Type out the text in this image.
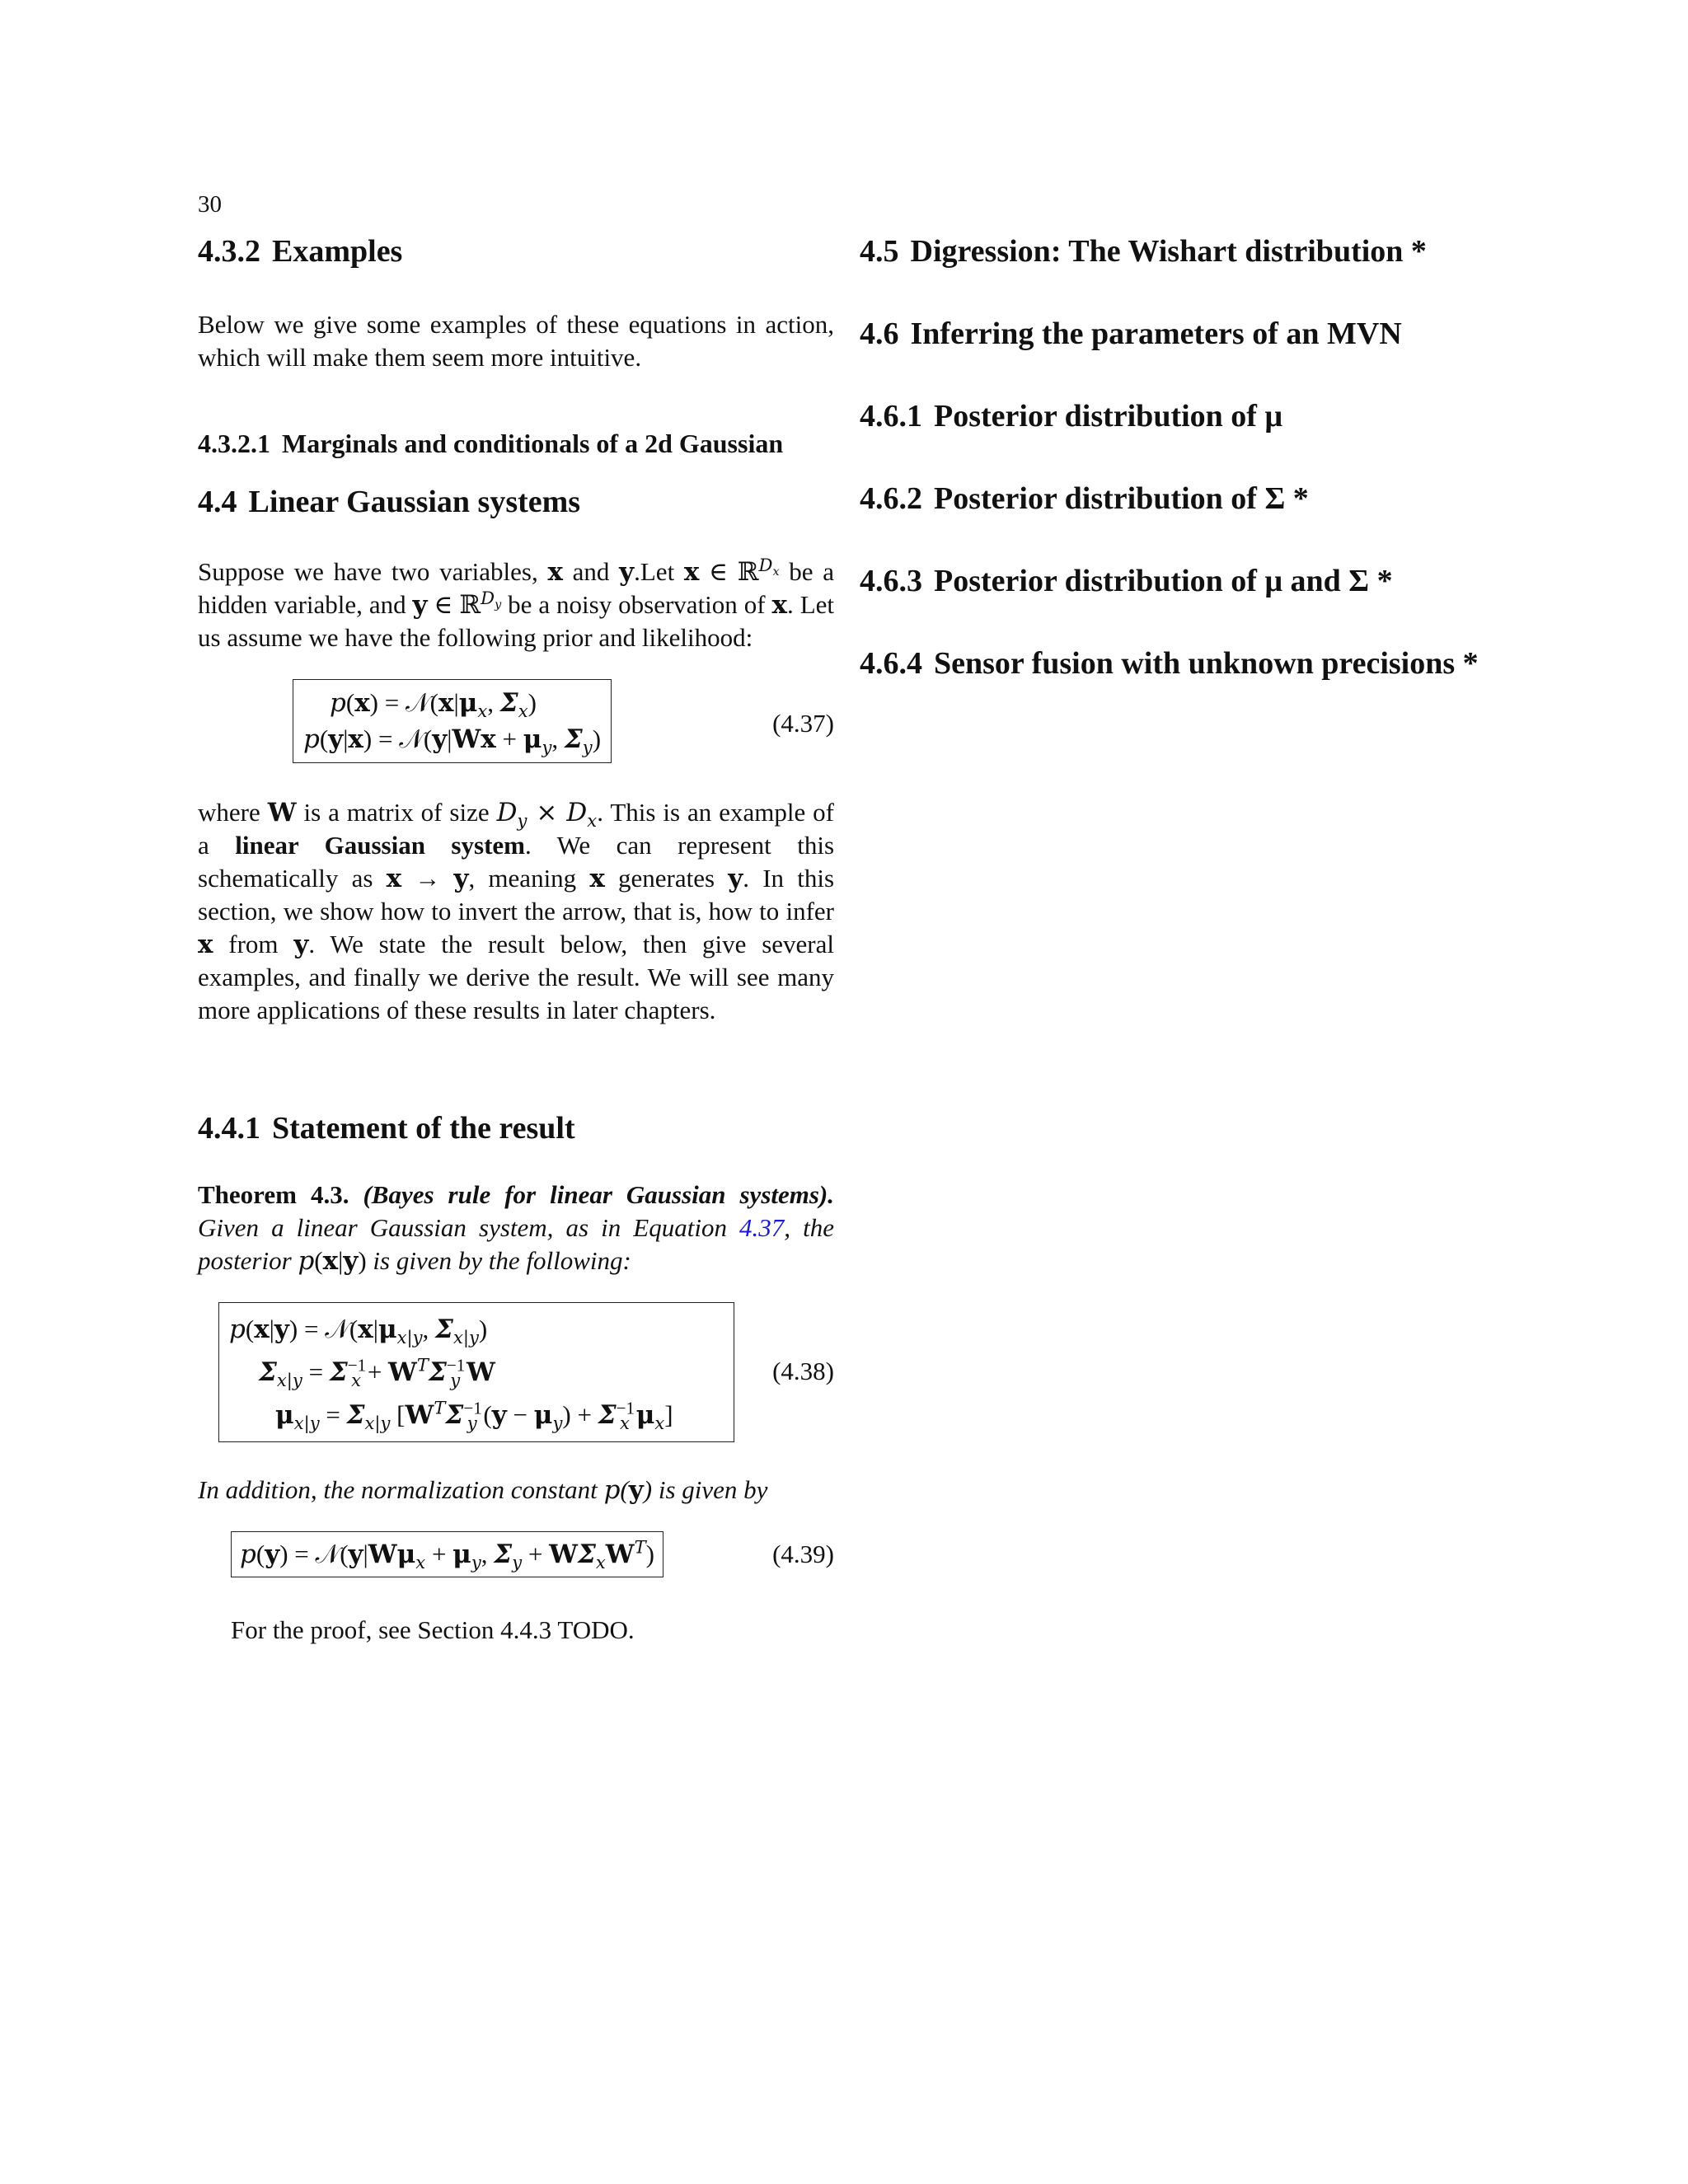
30
4.3.2 Examples

Below we give some examples of these equations in action, which will make them seem more intuitive.

4.3.2.1 Marginals and conditionals of a 2d Gaussian
4.4 Linear Gaussian systems

Suppose we have two variables, x and y.Let x ∈ ℝ$^{D_x}$ be a hidden variable, and y ∈ ℝ$^{D_y}$ be a noisy observation of x. Let us assume we have the following prior and likelihood:

$p(x) = 𝒩(x|\mu_x$, $\Sigma_x$)
p(y|x) = 𝒩(y|Wx + $\mu_y$, $\Sigma_y$)
(4.37)

where W is a matrix of size $D_y \times D_x$. This is an example of a linear Gaussian system. We can represent this schematically as x → y, meaning x generates y. In this section, we show how to invert the arrow, that is, how to infer x from y. We state the result below, then give several examples, and finally we derive the result. We will see many more applications of these results in later chapters.

4.4.1 Statement of the result

Theorem 4.3. (Bayes rule for linear Gaussian systems). Given a linear Gaussian system, as in Equation 4.37, the posterior p(x|y) is given by the following:

$p(x|y) = 𝒩(x|\mu_{x|y}$, $\Sigma_{x|y}$)
$\Sigma_{x|y} = \Sigma^{-1}_x + W^T\Sigma^{-1}_y$ W
$\mu_{x|y} = \Sigma_{x|y}$ [$W^T\Sigma^{-1}_y$ $(y - \mu_y) + \Sigma^{-1}_x$ $\mu_x$]
(4.38)

In addition, the normalization constant p(y) is given by

$p(y) = 𝒩(y|W\mu_x + \mu_y$, $\Sigma_y + W\Sigma_xW^T$)	(4.39)

For the proof, see Section 4.4.3 TODO.

4.5 Digression: The Wishart distribution *
4.6 Inferring the parameters of an MVN
4.6.1 Posterior distribution of μ
4.6.2 Posterior distribution of Σ *
4.6.3 Posterior distribution of μ and Σ *
4.6.4 Sensor fusion with unknown precisions *
